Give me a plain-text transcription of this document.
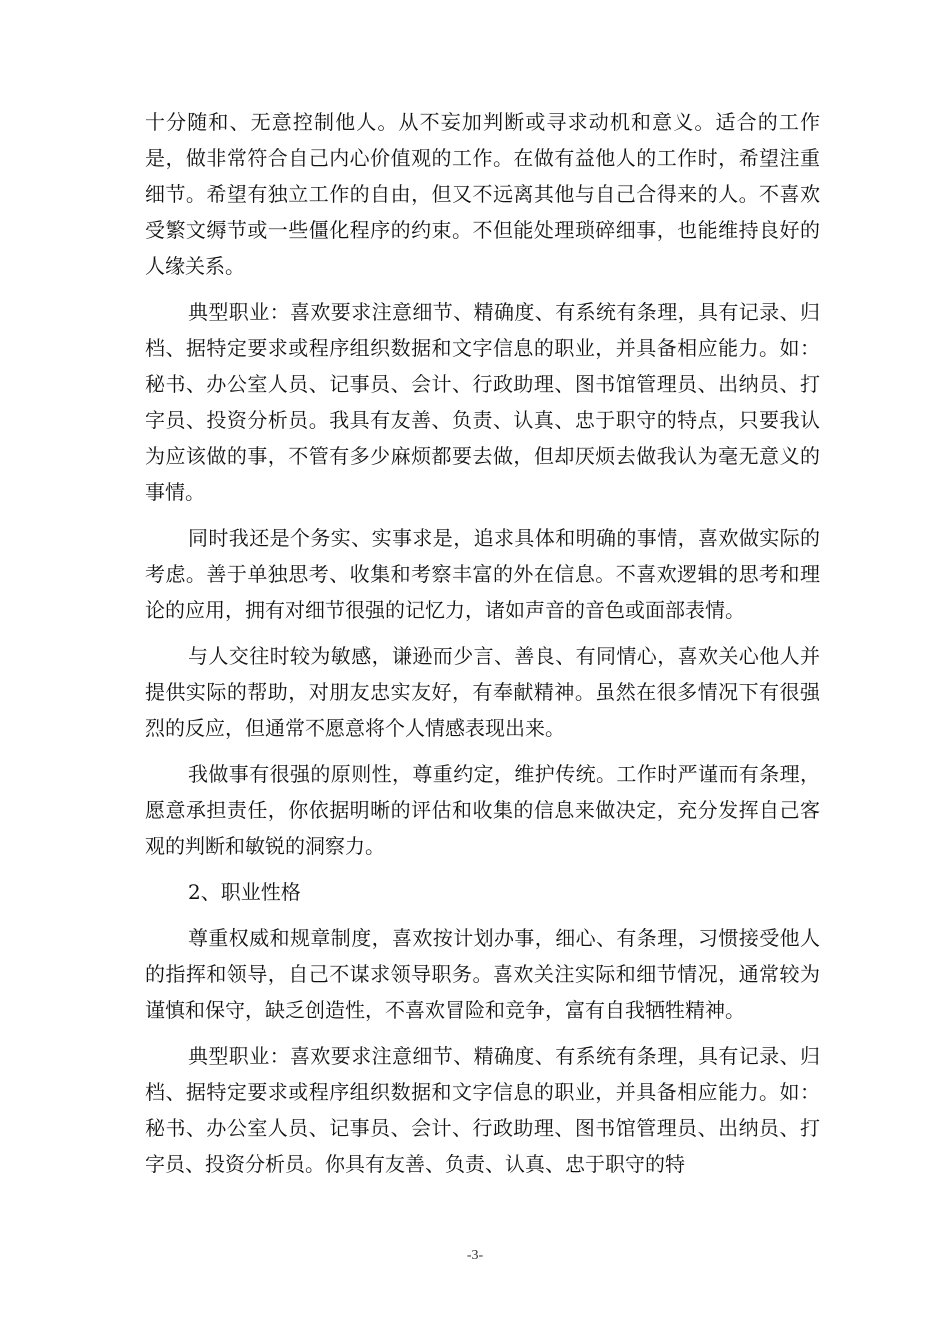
十分随和、无意控制他人。从不妄加判断或寻求动机和意义。适合的工作是，做非常符合自己内心价值观的工作。在做有益他人的工作时，希望注重细节。希望有独立工作的自由，但又不远离其他与自己合得来的人。不喜欢受繁文缛节或一些僵化程序的约束。不但能处理琐碎细事，也能维持良好的人缘关系。

典型职业：喜欢要求注意细节、精确度、有系统有条理，具有记录、归档、据特定要求或程序组织数据和文字信息的职业，并具备相应能力。如：秘书、办公室人员、记事员、会计、行政助理、图书馆管理员、出纳员、打字员、投资分析员。我具有友善、负责、认真、忠于职守的特点，只要我认为应该做的事，不管有多少麻烦都要去做，但却厌烦去做我认为毫无意义的事情。

同时我还是个务实、实事求是，追求具体和明确的事情，喜欢做实际的考虑。善于单独思考、收集和考察丰富的外在信息。不喜欢逻辑的思考和理论的应用，拥有对细节很强的记忆力，诸如声音的音色或面部表情。

与人交往时较为敏感，谦逊而少言、善良、有同情心，喜欢关心他人并提供实际的帮助，对朋友忠实友好，有奉献精神。虽然在很多情况下有很强烈的反应，但通常不愿意将个人情感表现出来。

我做事有很强的原则性，尊重约定，维护传统。工作时严谨而有条理，愿意承担责任，你依据明晰的评估和收集的信息来做决定，充分发挥自己客观的判断和敏锐的洞察力。

2、职业性格

尊重权威和规章制度，喜欢按计划办事，细心、有条理，习惯接受他人的指挥和领导，自己不谋求领导职务。喜欢关注实际和细节情况，通常较为谨慎和保守，缺乏创造性，不喜欢冒险和竞争，富有自我牺牲精神。

典型职业：喜欢要求注意细节、精确度、有系统有条理，具有记录、归档、据特定要求或程序组织数据和文字信息的职业，并具备相应能力。如：秘书、办公室人员、记事员、会计、行政助理、图书馆管理员、出纳员、打字员、投资分析员。你具有友善、负责、认真、忠于职守的特

-3-
